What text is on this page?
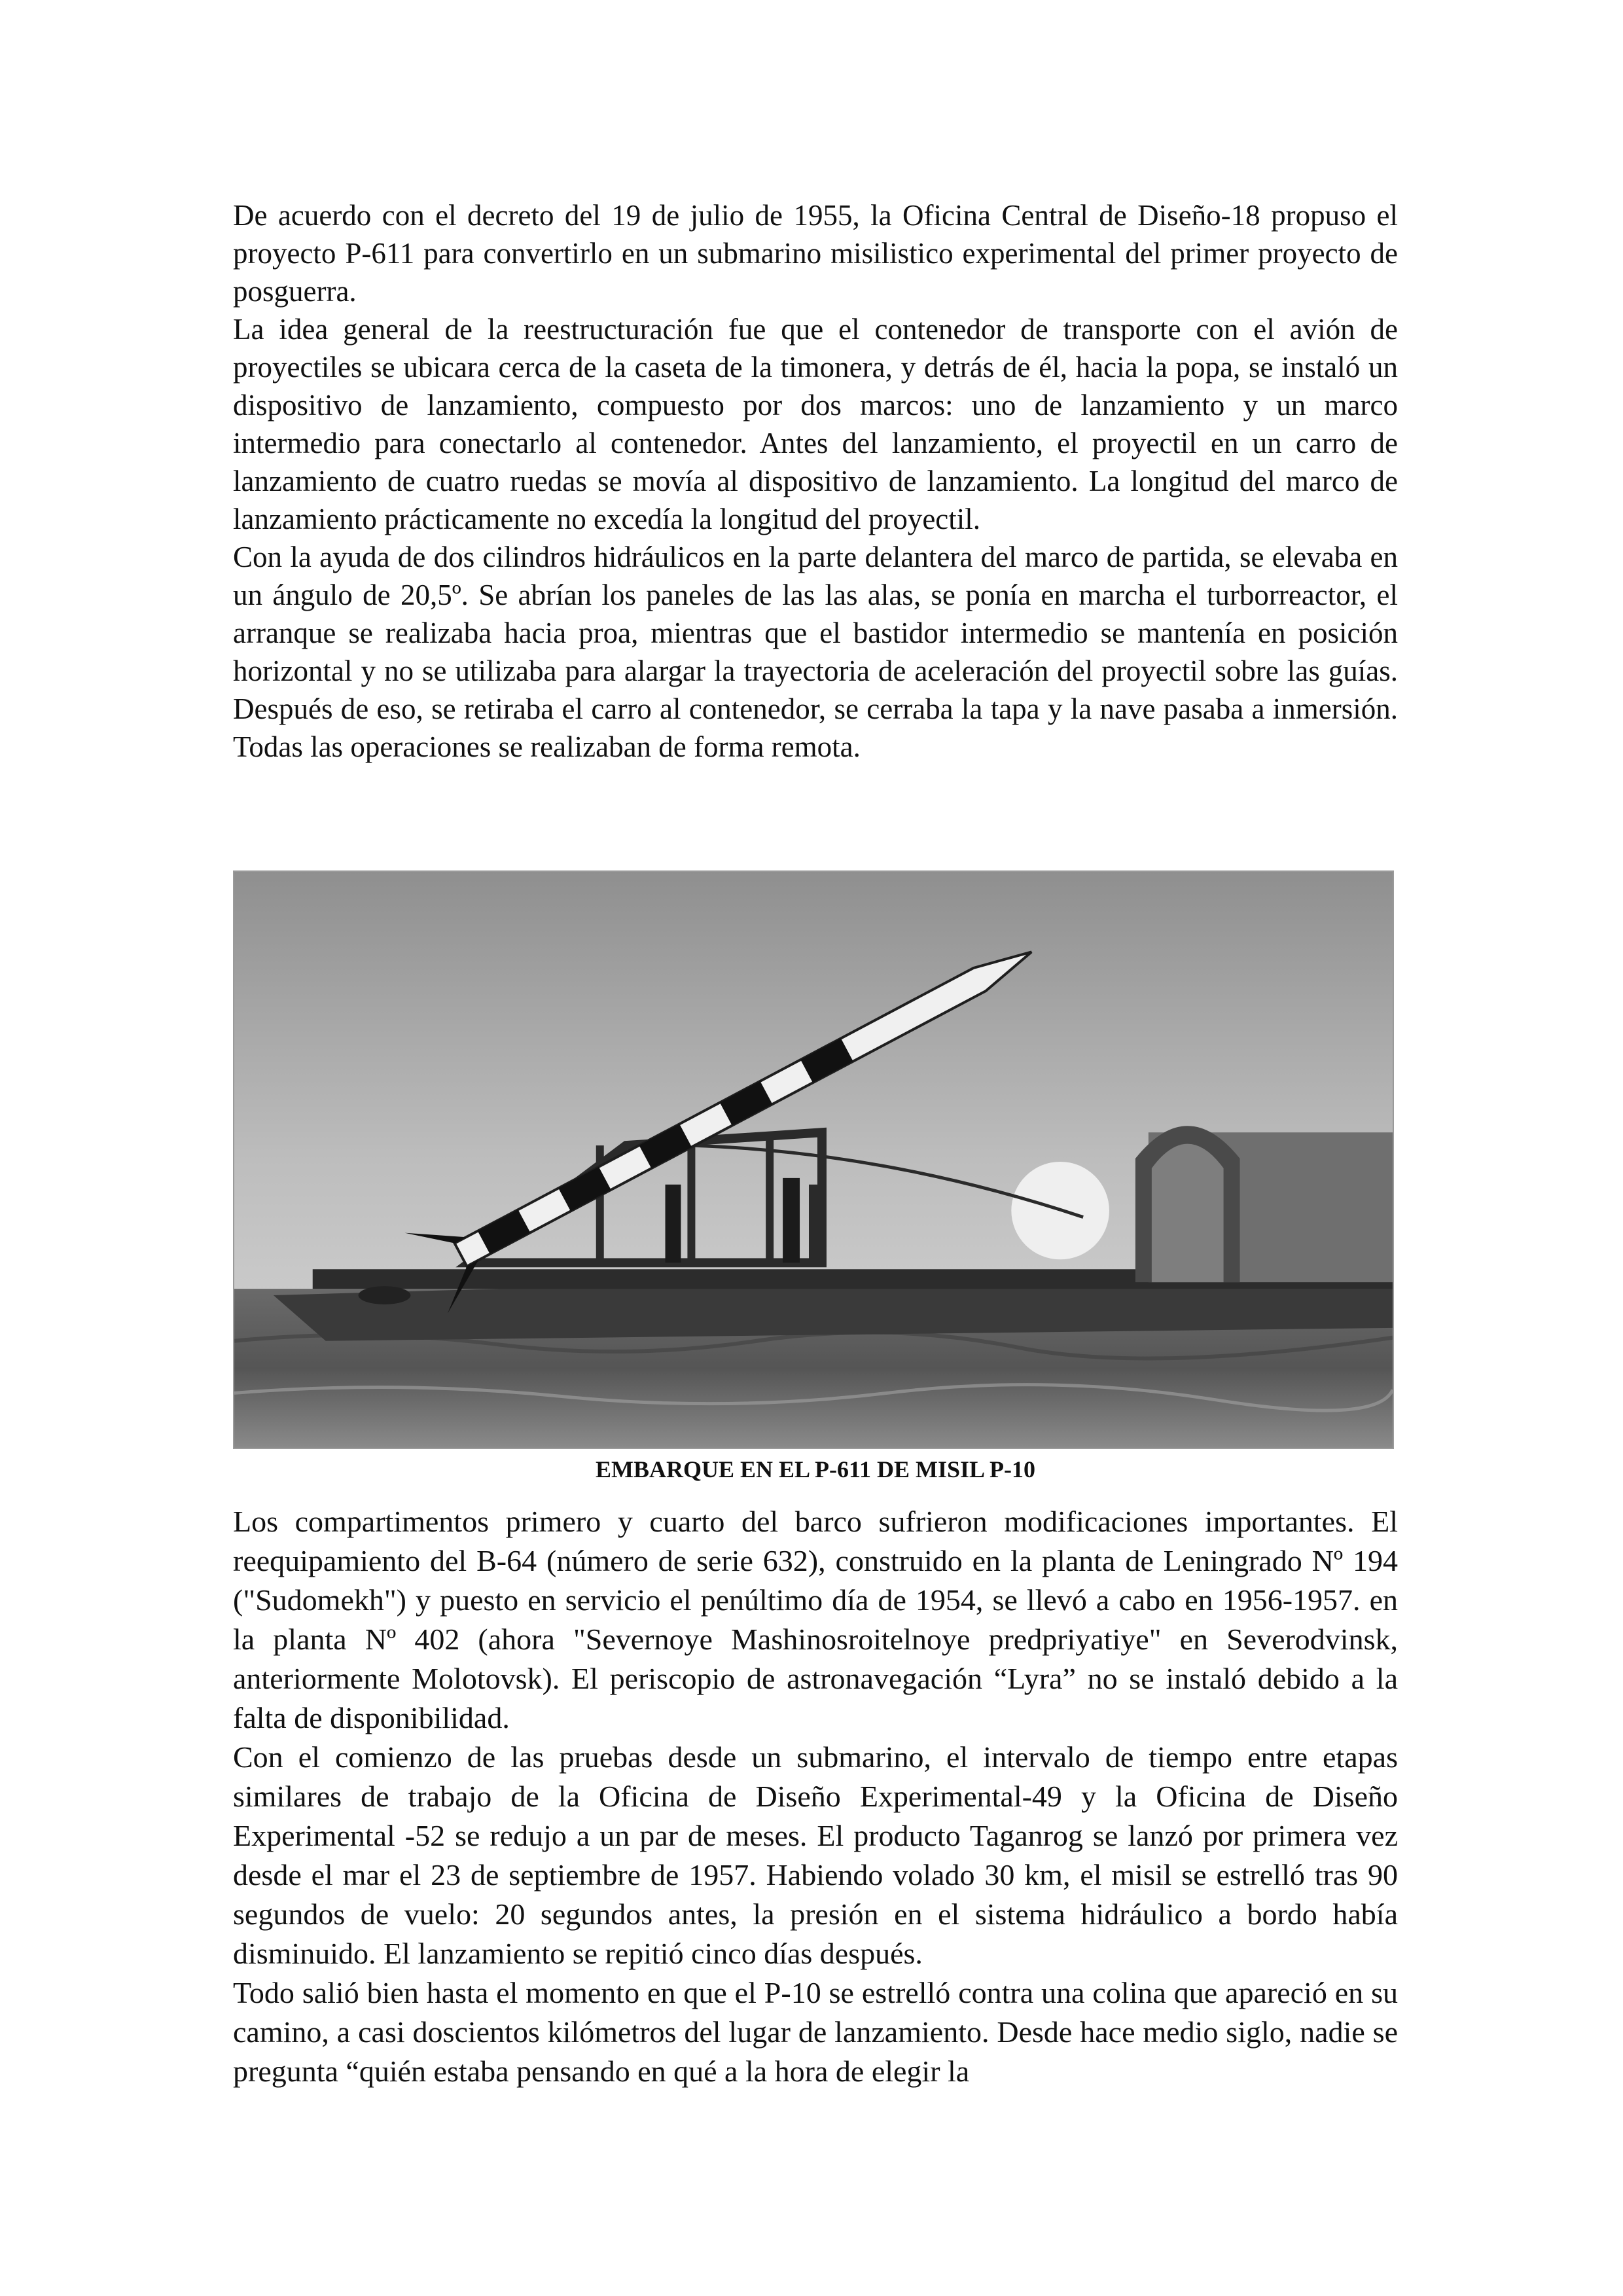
De acuerdo con el decreto del 19 de julio de 1955, la Oficina Central de Diseño-18 propuso el proyecto P-611 para convertirlo en un submarino misilistico experimental del primer proyecto de posguerra.

La idea general de la reestructuración fue que el contenedor de transporte con el avión de proyectiles se ubicara cerca de la caseta de la timonera, y detrás de él, hacia la popa, se instaló un dispositivo de lanzamiento, compuesto por dos marcos: uno de lanzamiento y un marco intermedio para conectarlo al contenedor. Antes del lanzamiento, el proyectil en un carro de lanzamiento de cuatro ruedas se movía al dispositivo de lanzamiento. La longitud del marco de lanzamiento prácticamente no excedía la longitud del proyectil.

Con la ayuda de dos cilindros hidráulicos en la parte delantera del marco de partida, se elevaba en un ángulo de 20,5º. Se abrían los paneles de las las alas, se ponía en marcha el turborreactor, el arranque se realizaba hacia proa, mientras que el bastidor intermedio se mantenía en posición horizontal y no se utilizaba para alargar la trayectoria de aceleración del proyectil sobre las guías. Después de eso, se retiraba el carro al contenedor, se cerraba la tapa y la nave pasaba a inmersión. Todas las operaciones se realizaban de forma remota.

EMBARQUE EN EL P-611 DE MISIL P-10

Los compartimentos primero y cuarto del barco sufrieron modificaciones importantes. El reequipamiento del B-64 (número de serie 632), construido en la planta de Leningrado Nº 194 ("Sudomekh") y puesto en servicio el penúltimo día de 1954, se llevó a cabo en 1956-1957. en la planta Nº 402 (ahora "Severnoye Mashinosroitelnoye predpriyatiye" en Severodvinsk, anteriormente Molotovsk). El periscopio de astronavegación “Lyra” no se instaló debido a la falta de disponibilidad.

Con el comienzo de las pruebas desde un submarino, el intervalo de tiempo entre etapas similares de trabajo de la Oficina de Diseño Experimental-49 y la Oficina de Diseño Experimental -52 se redujo a un par de meses. El producto Taganrog se lanzó por primera vez desde el mar el 23 de septiembre de 1957. Habiendo volado 30 km, el misil se estrelló tras 90 segundos de vuelo: 20 segundos antes, la presión en el sistema hidráulico a bordo había disminuido. El lanzamiento se repitió cinco días después.

Todo salió bien hasta el momento en que el P-10 se estrelló contra una colina que apareció en su camino, a casi doscientos kilómetros del lugar de lanzamiento. Desde hace medio siglo, nadie se pregunta “quién estaba pensando en qué a la hora de elegir la
